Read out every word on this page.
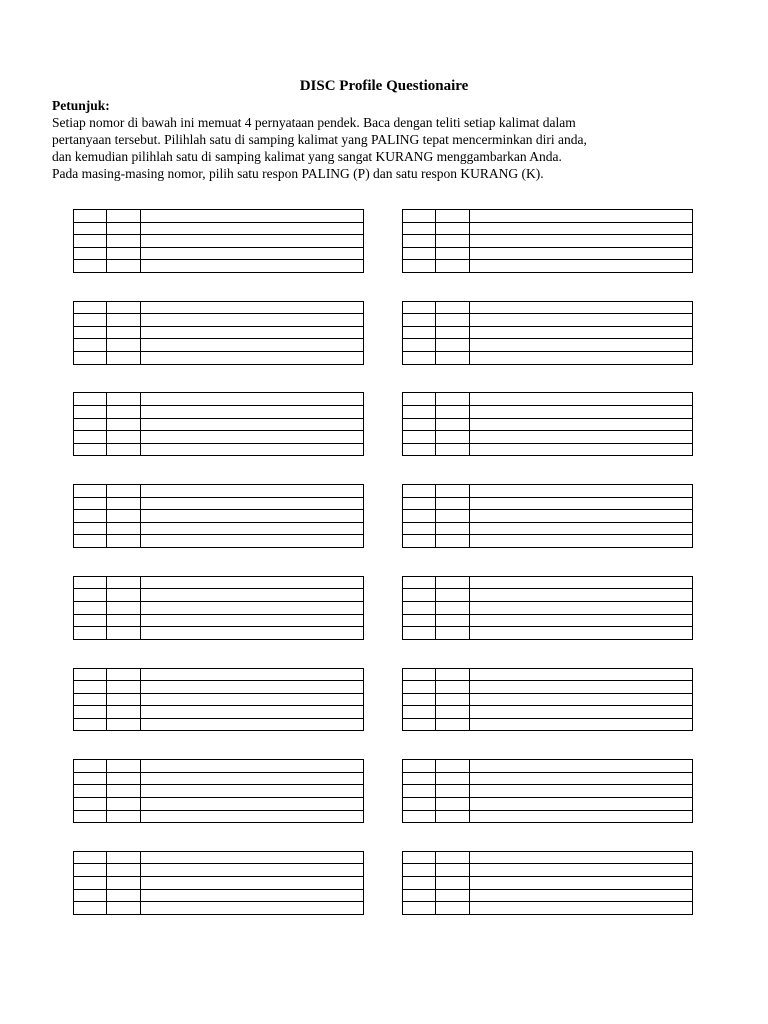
DISC Profile Questionaire
Petunjuk:
Setiap nomor di bawah ini memuat 4 pernyataan pendek. Baca dengan teliti setiap kalimat dalam
pertanyaan tersebut. Pilihlah satu di samping kalimat yang PALING tepat mencerminkan diri anda,
dan kemudian pilihlah satu di samping kalimat yang sangat KURANG menggambarkan Anda.
Pada masing-masing nomor, pilih satu respon PALING (P) dan satu respon KURANG (K).
